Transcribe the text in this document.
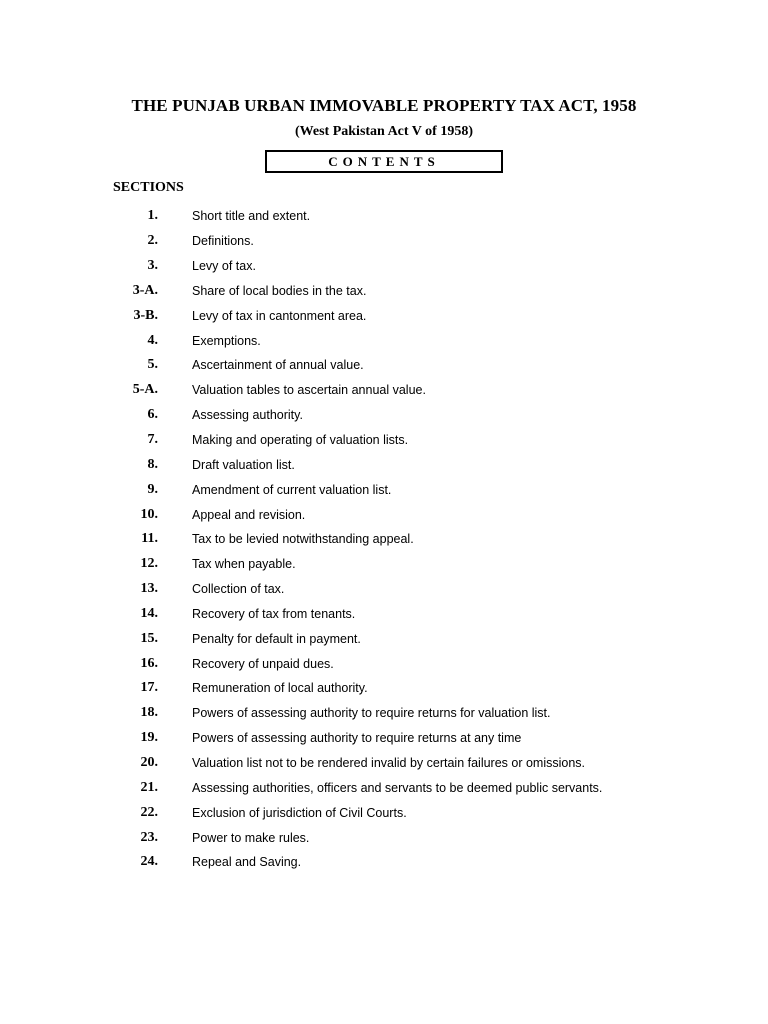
THE PUNJAB URBAN IMMOVABLE PROPERTY TAX ACT, 1958
(West Pakistan Act V of 1958)
CONTENTS
SECTIONS
1.	Short title and extent.
2.	Definitions.
3.	Levy of tax.
3-A.	Share of local bodies in the tax.
3-B.	Levy of tax in cantonment area.
4.	Exemptions.
5.	Ascertainment of annual value.
5-A.	Valuation tables to ascertain annual value.
6.	Assessing authority.
7.	Making and operating of valuation lists.
8.	Draft valuation list.
9.	Amendment of current valuation list.
10.	Appeal and revision.
11.	Tax to be levied notwithstanding appeal.
12.	Tax when payable.
13.	Collection of tax.
14.	Recovery of tax from tenants.
15.	Penalty for default in payment.
16.	Recovery of unpaid dues.
17.	Remuneration of local authority.
18.	Powers of assessing authority to require returns for valuation list.
19.	Powers of assessing authority to require returns at any time
20.	Valuation list not to be rendered invalid by certain failures or omissions.
21.	Assessing authorities, officers and servants to be deemed public servants.
22.	Exclusion of jurisdiction of Civil Courts.
23.	Power to make rules.
24.	Repeal and Saving.
